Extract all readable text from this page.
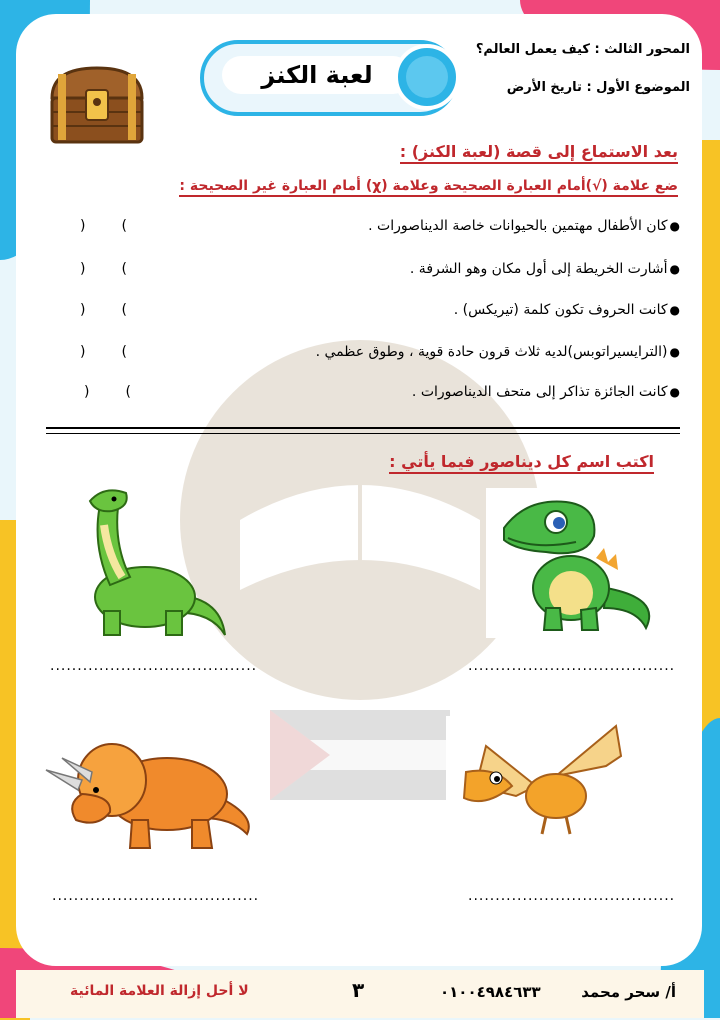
المحور الثالث : كيف يعمل العالم؟
الموضوع الأول : تاريخ الأرض
لعبة الكنز
بعد الاستماع إلى قصة (لعبة الكنز) :
ضع علامة (√)أمام العبارة الصحيحة وعلامة (χ) أمام العبارة غير الصحيحة :
●كان الأطفال مهتمين بالحيوانات خاصة الديناصورات .
)(
●أشارت الخريطة إلى أول مكان وهو الشرفة .
)(
●كانت الحروف تكون كلمة (تيريكس) .
)(
●(الترايسيراتوبس)لديه ثلاث قرون حادة قوية ، وطوق عظمي .
)(
●كانت الجائزة تذاكر إلى متحف الديناصورات .
)(
اكتب اسم كل ديناصور فيما يأتي :
......................................
......................................
......................................
......................................
أ/ سحر محمد
٠١٠٠٤٩٨٤٦٣٣
٣
لا أحل إزالة العلامة المائية
